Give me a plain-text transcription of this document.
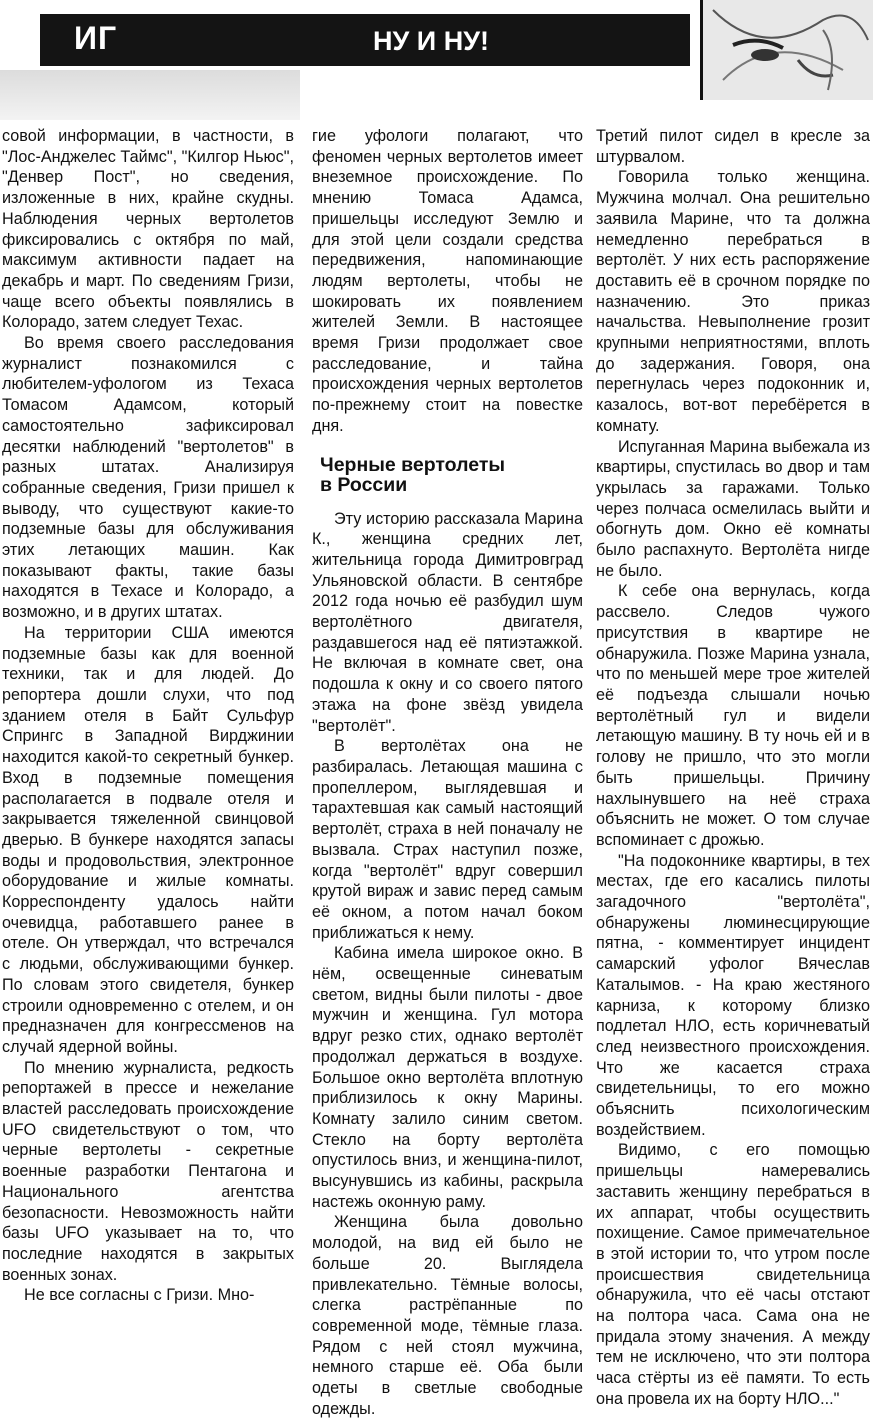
ИГ	НУ И НУ!

совой информации, в частности, в "Лос-Анджелес Таймс", "Килгор Ньюс", "Денвер Пост", но сведения, изложенные в них, крайне скудны. Наблюдения черных вертолетов фиксировались с октября по май, максимум активности падает на декабрь и март. По сведениям Гризи, чаще всего объекты появлялись в Колорадо, затем следует Техас.

Во время своего расследования журналист познакомился с любителем-уфологом из Техаса Томасом Адамсом, который самостоятельно зафиксировал десятки наблюдений "вертолетов" в разных штатах. Анализируя собранные сведения, Гризи пришел к выводу, что существуют какие-то подземные базы для обслуживания этих летающих машин. Как показывают факты, такие базы находятся в Техасе и Колорадо, а возможно, и в других штатах.

На территории США имеются подземные базы как для военной техники, так и для людей. До репортера дошли слухи, что под зданием отеля в Байт Сульфур Спрингс в Западной Вирджинии находится какой-то секретный бункер. Вход в подземные помещения располагается в подвале отеля и закрывается тяжеленной свинцовой дверью. В бункере находятся запасы воды и продовольствия, электронное оборудование и жилые комнаты. Корреспонденту удалось найти очевидца, работавшего ранее в отеле. Он утверждал, что встречался с людьми, обслуживающими бункер. По словам этого свидетеля, бункер строили одновременно с отелем, и он предназначен для конгрессменов на случай ядерной войны.

По мнению журналиста, редкость репортажей в прессе и нежелание властей расследовать происхождение UFO свидетельствуют о том, что черные вертолеты - секретные военные разработки Пентагона и Национального агентства безопасности. Невозможность найти базы UFO указывает на то, что последние находятся в закрытых военных зонах.

Не все согласны с Гризи. Мно-

гие уфологи полагают, что феномен черных вертолетов имеет внеземное происхождение. По мнению Томаса Адамса, пришельцы исследуют Землю и для этой цели создали средства передвижения, напоминающие людям вертолеты, чтобы не шокировать их появлением жителей Земли. В настоящее время Гризи продолжает свое расследование, и тайна происхождения черных вертолетов по-прежнему стоит на повестке дня.

Черные вертолеты
в России

Эту историю рассказала Марина К., женщина средних лет, жительница города Димитровград Ульяновской области. В сентябре 2012 года ночью её разбудил шум вертолётного двигателя, раздавшегося над её пятиэтажкой. Не включая в комнате свет, она подошла к окну и со своего пятого этажа на фоне звёзд увидела "вертолёт".

В вертолётах она не разбиралась. Летающая машина с пропеллером, выглядевшая и тарахтевшая как самый настоящий вертолёт, страха в ней поначалу не вызвала. Страх наступил позже, когда "вертолёт" вдруг совершил крутой вираж и завис перед самым её окном, а потом начал боком приближаться к нему.

Кабина имела широкое окно. В нём, освещенные синеватым светом, видны были пилоты - двое мужчин и женщина. Гул мотора вдруг резко стих, однако вертолёт продолжал держаться в воздухе. Большое окно вертолёта вплотную приблизилось к окну Марины. Комнату залило синим светом. Стекло на борту вертолёта опустилось вниз, и женщина-пилот, высунувшись из кабины, раскрыла настежь оконную раму.

Женщина была довольно молодой, на вид ей было не больше 20. Выглядела привлекательно. Тёмные волосы, слегка растрёпанные по современной моде, тёмные глаза. Рядом с ней стоял мужчина, немного старше её. Оба были одеты в светлые свободные одежды.

Третий пилот сидел в кресле за штурвалом.

Говорила только женщина. Мужчина молчал. Она решительно заявила Марине, что та должна немедленно перебраться в вертолёт. У них есть распоряжение доставить её в срочном порядке по назначению. Это приказ начальства. Невыполнение грозит крупными неприятностями, вплоть до задержания. Говоря, она перегнулась через подоконник и, казалось, вот-вот перебёрется в комнату.

Испуганная Марина выбежала из квартиры, спустилась во двор и там укрылась за гаражами. Только через полчаса осмелилась выйти и обогнуть дом. Окно её комнаты было распахнуто. Вертолёта нигде не было.

К себе она вернулась, когда рассвело. Следов чужого присутствия в квартире не обнаружила. Позже Марина узнала, что по меньшей мере трое жителей её подъезда слышали ночью вертолётный гул и видели летающую машину. В ту ночь ей и в голову не пришло, что это могли быть пришельцы. Причину нахлынувшего на неё страха объяснить не может. О том случае вспоминает с дрожью.

"На подоконнике квартиры, в тех местах, где его касались пилоты загадочного "вертолёта", обнаружены люминесцирующие пятна, - комментирует инцидент самарский уфолог Вячеслав Каталымов. - На краю жестяного карниза, к которому близко подлетал НЛО, есть коричневатый след неизвестного происхождения. Что же касается страха свидетельницы, то его можно объяснить психологическим воздействием.

Видимо, с его помощью пришельцы намеревались заставить женщину перебраться в их аппарат, чтобы осуществить похищение. Самое примечательное в этой истории то, что утром после происшествия свидетельница обнаружила, что её часы отстают на полтора часа. Сама она не придала этому значения. А между тем не исключено, что эти полтора часа стёрты из её памяти. То есть она провела их на борту НЛО..."
